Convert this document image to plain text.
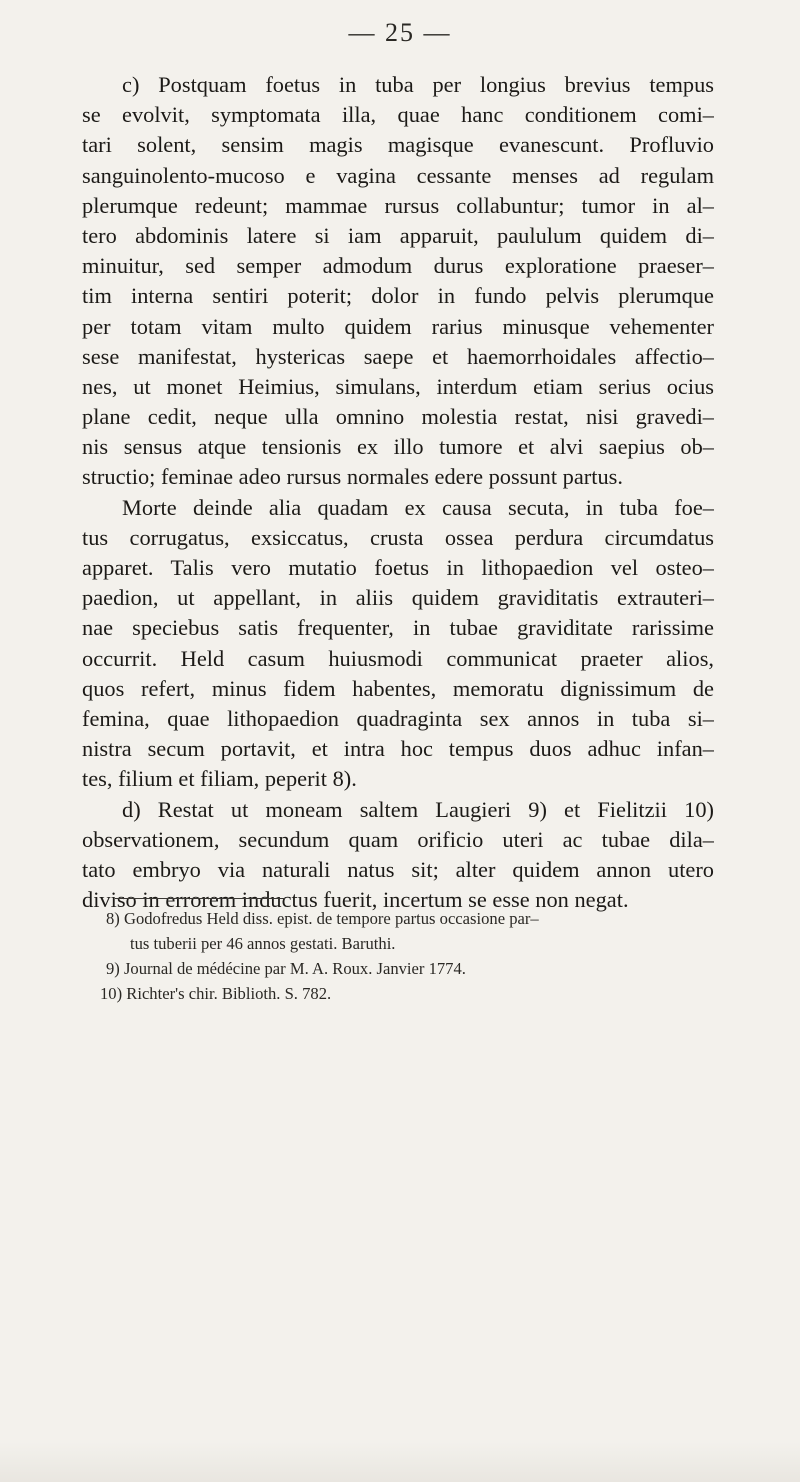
— 25 —
c) Postquam foetus in tuba per longius brevius tempus
se evolvit, symptomata illa, quae hanc conditionem comi–
tari solent, sensim magis magisque evanescunt. Profluvio
sanguinolento-mucoso e vagina cessante menses ad regulam
plerumque redeunt; mammae rursus collabuntur; tumor in al–
tero abdominis latere si iam apparuit, paululum quidem di–
minuitur, sed semper admodum durus exploratione praeser–
tim interna sentiri poterit; dolor in fundo pelvis plerumque
per totam vitam multo quidem rarius minusque vehementer
sese manifestat, hystericas saepe et haemorrhoidales affectio–
nes, ut monet Heimius, simulans, interdum etiam serius ocius
plane cedit, neque ulla omnino molestia restat, nisi gravedi–
nis sensus atque tensionis ex illo tumore et alvi saepius ob–
structio; feminae adeo rursus normales edere possunt partus.
Morte deinde alia quadam ex causa secuta, in tuba foe–
tus corrugatus, exsiccatus, crusta ossea perdura circumdatus
apparet. Talis vero mutatio foetus in lithopaedion vel osteo–
paedion, ut appellant, in aliis quidem graviditatis extrauteri–
nae speciebus satis frequenter, in tubae graviditate rarissime
occurrit. Held casum huiusmodi communicat praeter alios,
quos refert, minus fidem habentes, memoratu dignissimum de
femina, quae lithopaedion quadraginta sex annos in tuba si–
nistra secum portavit, et intra hoc tempus duos adhuc infan–
tes, filium et filiam, peperit 8).
d) Restat ut moneam saltem Laugieri 9) et Fielitzii 10)
observationem, secundum quam orificio uteri ac tubae dila–
tato embryo via naturali natus sit; alter quidem annon utero
diviso in errorem inductus fuerit, incertum se esse non negat.
8) Godofredus Held diss. epist. de tempore partus occasione par–
tus tuberii per 46 annos gestati. Baruthi.
9) Journal de médécine par M. A. Roux. Janvier 1774.
10) Richter's chir. Biblioth. S. 782.
